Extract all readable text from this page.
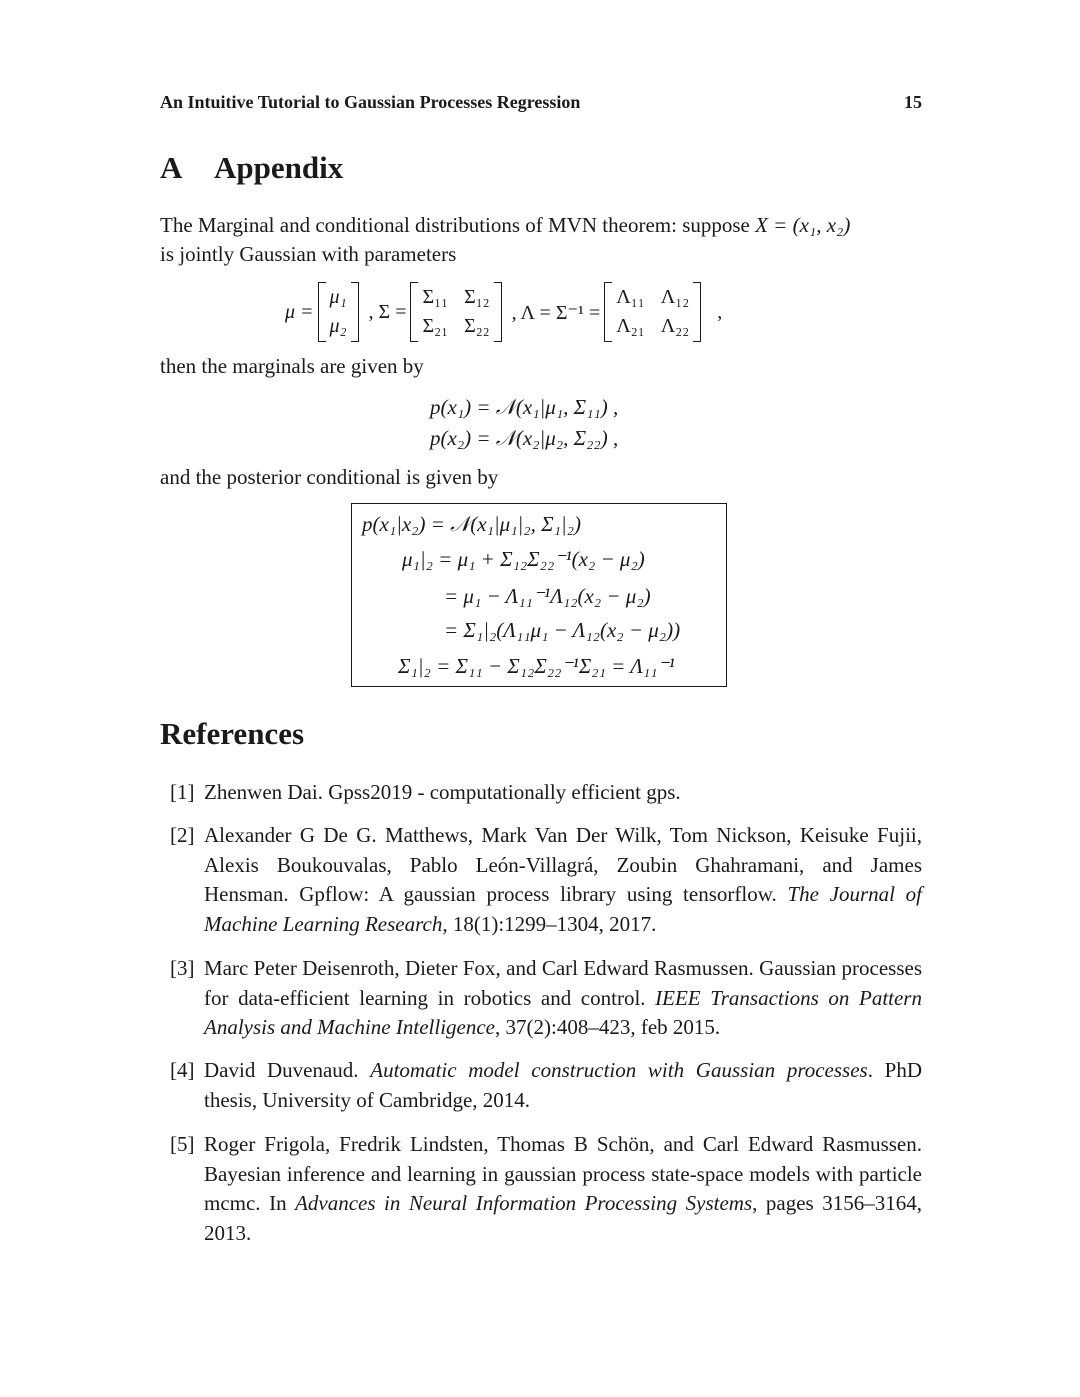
An Intuitive Tutorial to Gaussian Processes Regression	15
A Appendix

The Marginal and conditional distributions of MVN theorem: suppose X = (x₁, x₂)
is jointly Gaussian with parameters

μ =
μ₁
μ₂
, Σ =
Σ₁₁ Σ₁₂
Σ₂₁ Σ₂₂
, Λ = Σ⁻¹ =
Λ₁₁ Λ₁₂
Λ₂₁ Λ₂₂
,

then the marginals are given by

p(x₁) = 𝒩(x₁|μ₁, Σ₁₁) ,
p(x₂) = 𝒩(x₂|μ₂, Σ₂₂) ,

and the posterior conditional is given by

p(x₁|x₂) = 𝒩(x₁|μ₁|₂, Σ₁|₂)
μ₁|₂ = μ₁ + Σ₁₂Σ₂₂⁻¹(x₂ − μ₂)
= μ₁ − Λ₁₁⁻¹Λ₁₂(x₂ − μ₂)
= Σ₁|₂(Λ₁₁μ₁ − Λ₁₂(x₂ − μ₂))
Σ₁|₂ = Σ₁₁ − Σ₁₂Σ₂₂⁻¹Σ₂₁ = Λ₁₁⁻¹
References
[1] Zhenwen Dai. Gpss2019 - computationally efficient gps.
[2] Alexander G De G. Matthews, Mark Van Der Wilk, Tom Nickson, Keisuke Fujii, Alexis Boukouvalas, Pablo León-Villagrá, Zoubin Ghahramani, and James Hensman. Gpflow: A gaussian process library using tensorflow. The Journal of Machine Learning Research, 18(1):1299–1304, 2017.
[3] Marc Peter Deisenroth, Dieter Fox, and Carl Edward Rasmussen. Gaussian processes for data-efficient learning in robotics and control. IEEE Transactions on Pattern Analysis and Machine Intelligence, 37(2):408–423, feb 2015.
[4] David Duvenaud. Automatic model construction with Gaussian processes. PhD thesis, University of Cambridge, 2014.
[5] Roger Frigola, Fredrik Lindsten, Thomas B Schön, and Carl Edward Rasmussen. Bayesian inference and learning in gaussian process state-space models with particle mcmc. In Advances in Neural Information Processing Systems, pages 3156–3164, 2013.
